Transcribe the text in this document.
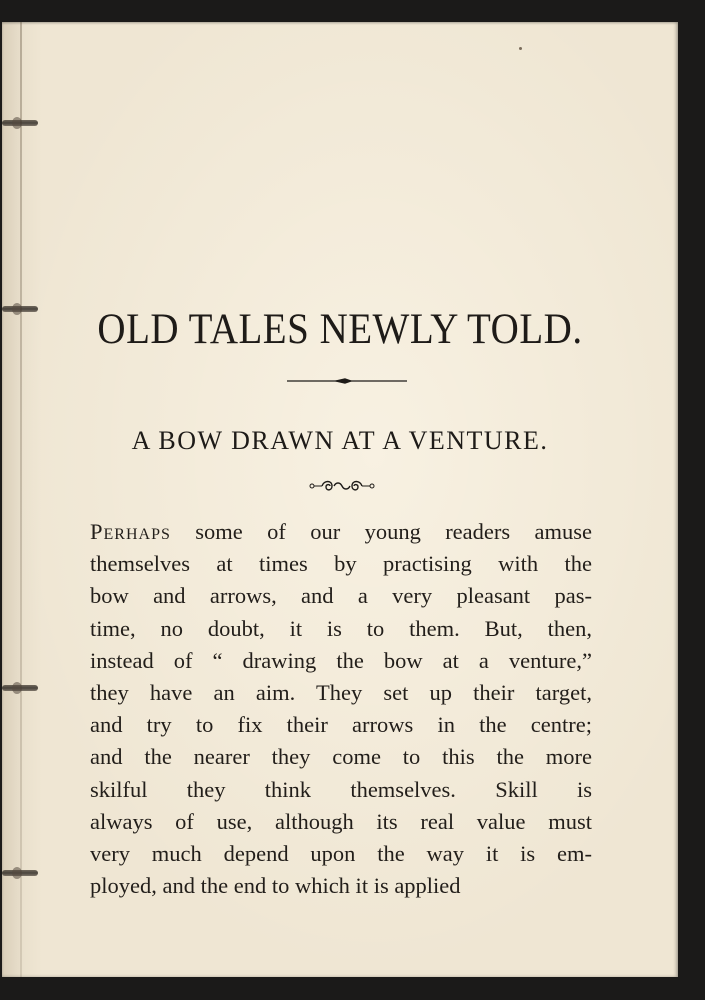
OLD TALES NEWLY TOLD.
A BOW DRAWN AT A VENTURE.
Perhaps some of our young readers amuse
themselves at times by practising with the
bow and arrows, and a very pleasant pas-
time, no doubt, it is to them. But, then,
instead of “ drawing the bow at a venture,”
they have an aim. They set up their target,
and try to fix their arrows in the centre;
and the nearer they come to this the more
skilful they think themselves. Skill is
always of use, although its real value must
very much depend upon the way it is em-
ployed, and the end to which it is applied
